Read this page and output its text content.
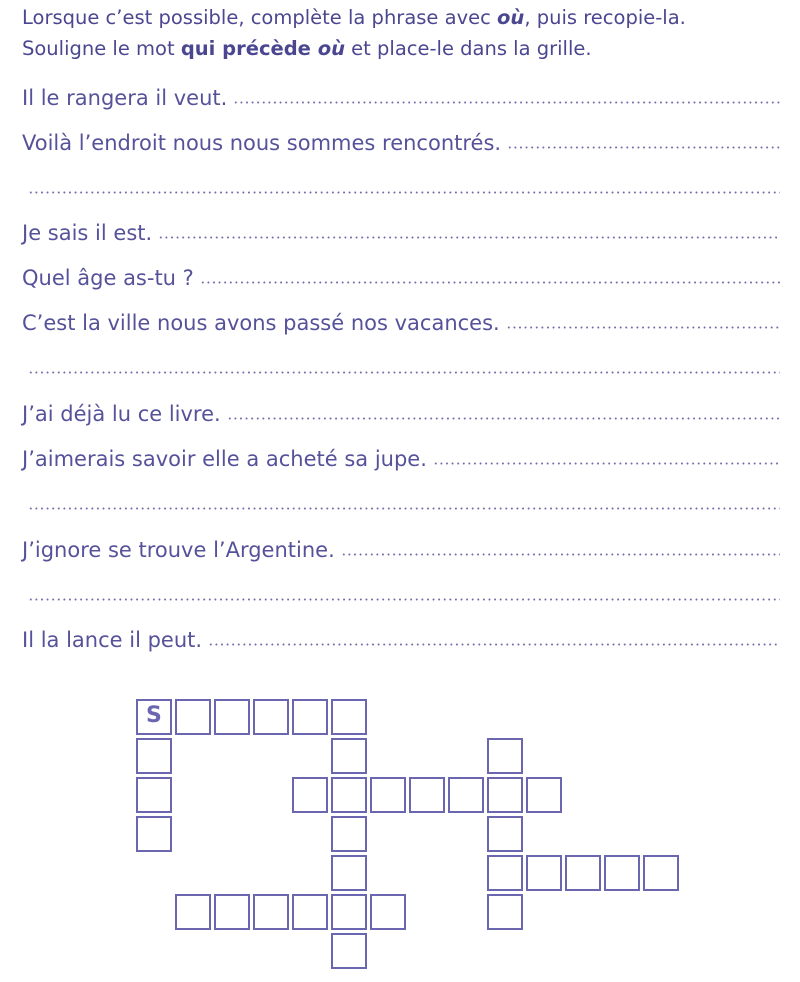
Lorsque c’est possible, complète la phrase avec où, puis recopie-la.
Souligne le mot qui précède où et place-le dans la grille.
Il le rangera il veut.
Voilà l’endroit nous nous sommes rencontrés.
Je sais il est.
Quel âge as-tu ?
C’est la ville nous avons passé nos vacances.
J’ai déjà lu ce livre.
J’aimerais savoir elle a acheté sa jupe.
J’ignore se trouve l’Argentine.
Il la lance il peut.
S
